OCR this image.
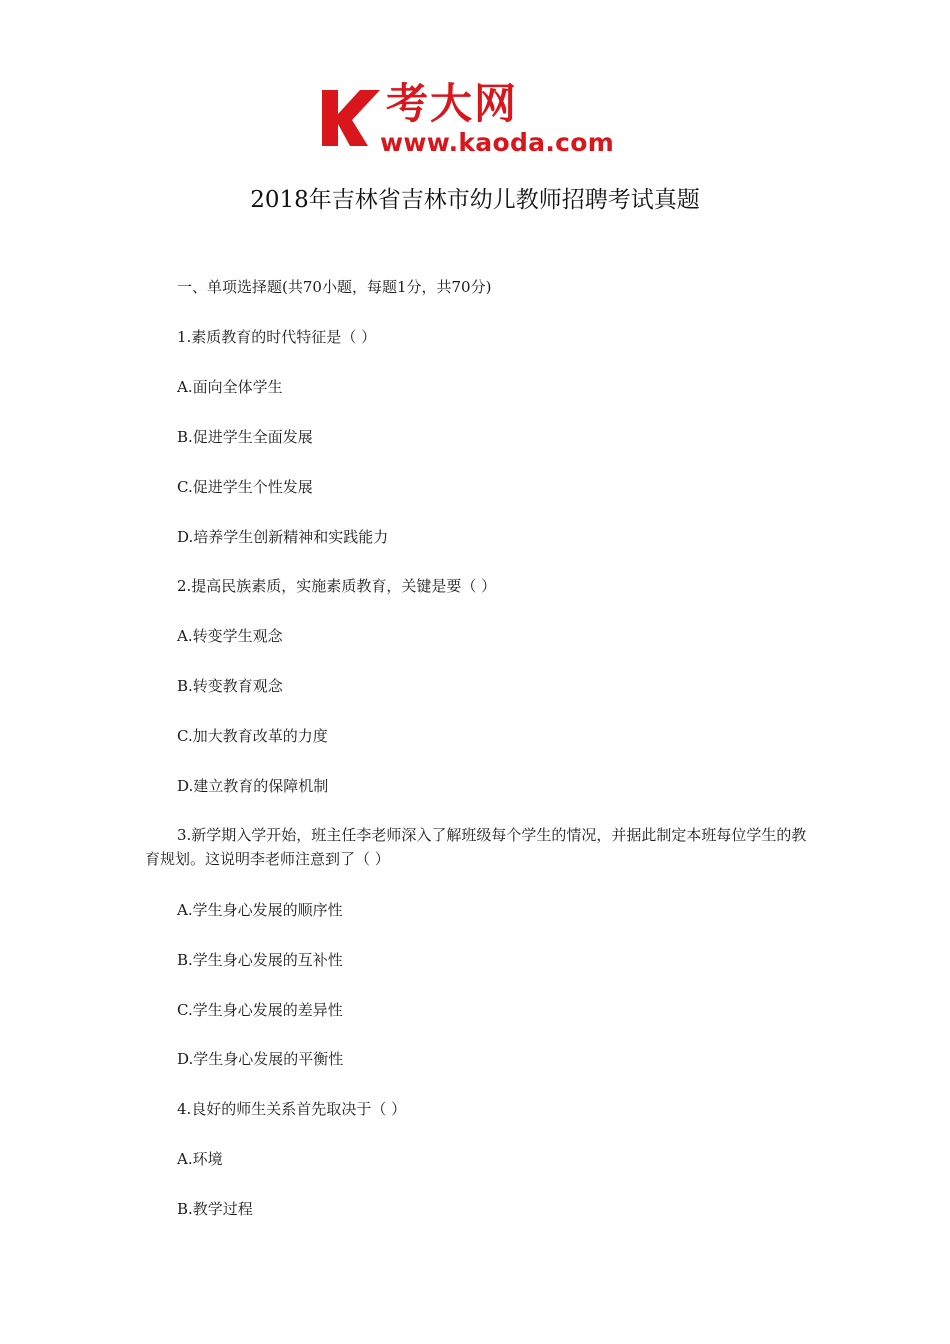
考大网
www.kaoda.com
2018年吉林省吉林市幼儿教师招聘考试真题
一、单项选择题(共70小题，每题1分，共70分)
1.素质教育的时代特征是（ ）
A.面向全体学生
B.促进学生全面发展
C.促进学生个性发展
D.培养学生创新精神和实践能力
2.提高民族素质，实施素质教育，关键是要（ ）
A.转变学生观念
B.转变教育观念
C.加大教育改革的力度
D.建立教育的保障机制
3.新学期入学开始，班主任李老师深入了解班级每个学生的情况，并据此制定本班每位学生的教育规划。这说明李老师注意到了（ ）
A.学生身心发展的顺序性
B.学生身心发展的互补性
C.学生身心发展的差异性
D.学生身心发展的平衡性
4.良好的师生关系首先取决于（ ）
A.环境
B.教学过程
